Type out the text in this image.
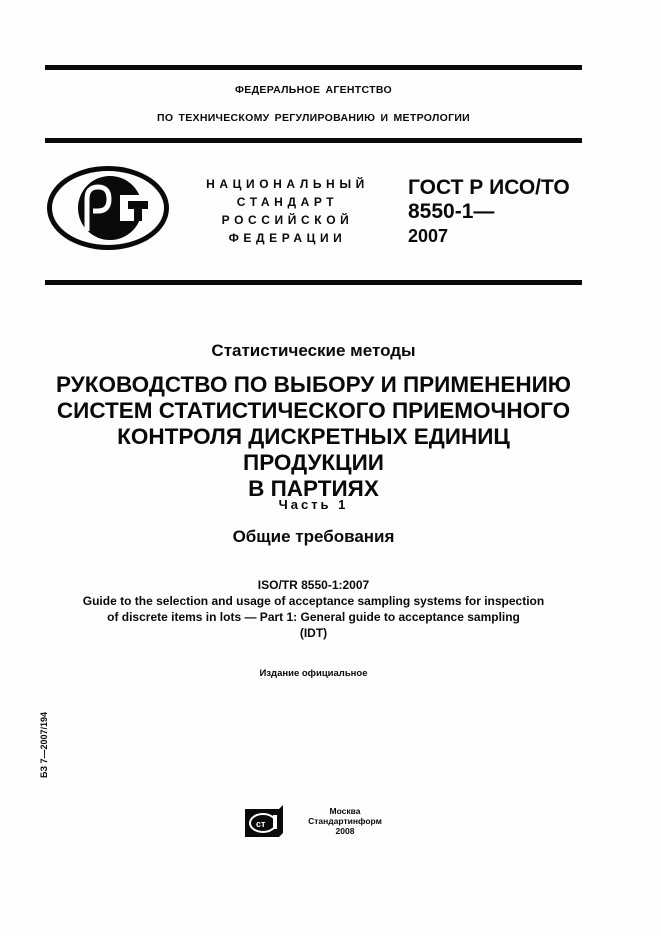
ФЕДЕРАЛЬНОЕ АГЕНТСТВО
ПО ТЕХНИЧЕСКОМУ РЕГУЛИРОВАНИЮ И МЕТРОЛОГИИ
НАЦИОНАЛЬНЫЙ
СТАНДАРТ
РОССИЙСКОЙ
ФЕДЕРАЦИИ
ГОСТ Р ИСО/ТО
8550-1—
2007
Статистические методы
РУКОВОДСТВО ПО ВЫБОРУ И ПРИМЕНЕНИЮ
СИСТЕМ СТАТИСТИЧЕСКОГО ПРИЕМОЧНОГО
КОНТРОЛЯ ДИСКРЕТНЫХ ЕДИНИЦ ПРОДУКЦИИ
В ПАРТИЯХ
Часть 1
Общие требования
ISO/TR 8550-1:2007
Guide to the selection and usage of acceptance sampling systems for inspection
of discrete items in lots — Part 1: General guide to acceptance sampling
(IDT)
Издание официальное
БЗ 7—2007/194
ст
Москва
Стандартинформ
2008
